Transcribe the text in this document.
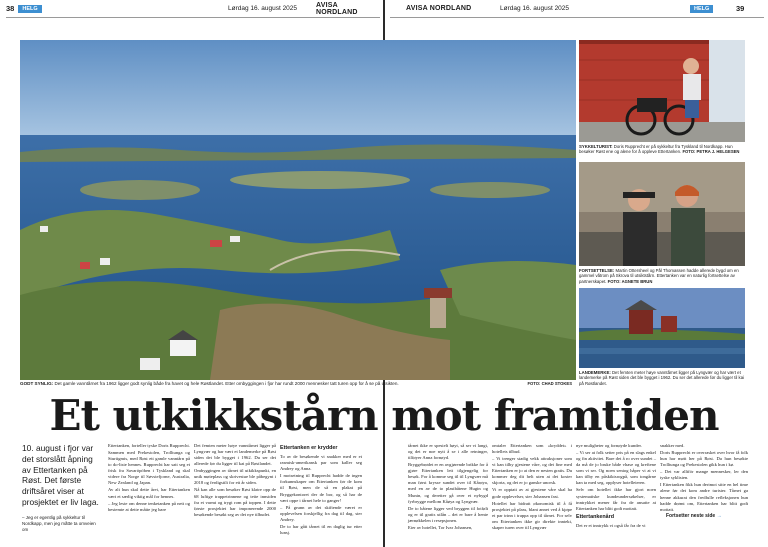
38	HELG	Lørdag 16. august 2025	AVISA NORDLAND	AVISA NORDLAND	Lørdag 16. august 2025	HELG	39
GODT SYNLIG: Det gamle vanntårnet fra 1962 ligger godt synlig både fra havet og hele Røstlandet. Etter ombyggingen i fjor har rundt 2000 mennesker tatt turen opp for å se på utsikten.	FOTO: CHAD STOKES
SYKKELTURIST: Doris Rupprecht er på sykkeltur fra Tyskland til Nordkapp. Hun besøker Røst ene og alene for å oppleve Ettertanken. FOTO: PETRA J. HELGESEN
FORTSETTELSE: Martin Ottersheel og Pål Thomassen hadde allerede bygd om en gammel våtrom på Skrova til utsiktstårn. Ettertanken var en naturlig fortsettelse av partnerskapet. FOTO: AGNETE BRUN
LANDEMERKE: Det femten meter høye vanntårnet ligger på Lyngvær og har vært et landemerke på Røst siden det ble bygget i 1962. Du ser det allerede før du ligger til kai på Røstlandet.
Et utkikkstårn mot framtiden
10. august i fjor var det storslått åpning av Ettertanken på Røst. Det første driftsåret viser at prosjektet er liv laga.
– Jeg er egentlig på sykkeltur til Nordkapp, men jeg måtte ta omveien om

Ettertanken, forteller tyske Doris Rupprecht.

Sammen med Prekestolen, Trolltunga og Sturtigmis, med Røst ett gamle vanntårn på to do-liste hennes. Rupprecht har satt seg et frisk fra Savaröpöben i Tyskland og skal videre fra Norge til Søvstefjorne, Australia, New Zealand og Japan.

Av alt hun skal dette året, har Ettertanken vært et særlig viktig mål for hennes.

– Jeg leste om denne tenketanken på nett og bestemte at dette måtte jeg bare

Det femten meter høye vanntårnet ligger på Lyngvær og har vært et landemerke på Røst siden det ble bygget i 1962. Du ser det allerede før du ligger til kai på Røstlandet.

Ombyggingen av tårnet til utkikkspunkt, en unik møteplass og skrivestue ble påbegynt i 2018 og ferdigstilt for ett år siden.

Nå kan alle som besøker Røst klatre opp de 68 luftige trappetrinnene og tette innsiden fra et varmt og trygt rom på toppen. I dette første prosjektet har imponerende 2000 besøkende besøkt seg av det nye tilbudet.

Ettertanken er krydder

To av de besøkende vi snakker med er et rasmisk-amerikansk par som kaller seg Andrey og Anna.

I motsetning til Rupprecht hadde de ingen forkunnskaper om Ettertanken før de kom til Røst, men de så en plakat på Bryggekontoret der de bor, og så har de vært oppe i tårnet hele to ganger!

– På grunn av det skiftende været er opplevelsen forskjellig fra dag til dag, sier Andrey.

De to har gått tårnet til en daglig tur etter lunsj.

tårnet ikke er spesielt høyt, så ser vi langt, og det er noe nytt å se i alle retninger, tilføyer Anna fornøyd.

Bryggebrødet er en avgjørende brikke for å gjøre Ettertanken lett tilgjengelig for besøk. For å komme seg til til Lyngvær må man først krysse sundet over til Kårøya, med en av de to plastbåtene Hugin og Munin, og deretter gå over et nybygd fyrbrygge mellom Kåøya og Lyngvær.

De to båtene ligger ved bryggen til fotfølt og er til gratis utlån – det er bare å hente jærnøkkelen i resepsjonen.

Eier av hotellet, Tor Ivar Johansen,

omtaler Ettertanken som «kryddet» i hotellets tilbud.

– Vi trenger stadig vekk attraksjoner som vi kan tilby gjestene våre, og det fine med Ettertanken er jo at den er nesten gratis. Du kommer deg dit helt uten at det koster skjorta, og det er jo ganske unorsk.

Vi er opptatt av at gjestene våre skal ha gode opplevelser, sier Johansen fast.

Hotellet har bidratt økonomisk til å få prosjektet på plass, blant annet ved å kjøpe et par trinn i trappa opp til tårnet. For selv om Ettertanken ikke gir direkte inntekt, skaper turen over til Lyngvær

nye muligheter og fornøyde kunder.

– Vi ser at folk setter pris på en slags enkel og fin aktivitet. Bare det å ro over sundet – da må de jo bruke både vhase og kreftene som vi ser. Og noen seniog håper vi at vi kan tilby en påskiktsrogpå, som tongårne kan ta med seg, opplyser hotelleieren.

Selv om hotellet ikke har gjort noen systematiske kundeundersøkelser, er inntrykket mener får fra de ansatte at Ettertanken har blitt godt mottatt.

Ettertankenård

Det er et inntrykk vi også får fra de vi

snakker med.

Doris Rupprecht er overrasket over hvor få folk hun har møtt her på Røst. Da hun besøkte Trolltunga og Prekestolen gikk hun i kø.

– Det var alltför mange mennesker, ler den tyske syklisten.

I Ettertanken fikk hun derimot sitte en hel time alene før det kom andre turister. Tårnet ga henne akkurat den fredfulle refleksjonen hun hadde drømt om, Ettertanken har blitt godt mottatt.

Fortsetter neste side →
